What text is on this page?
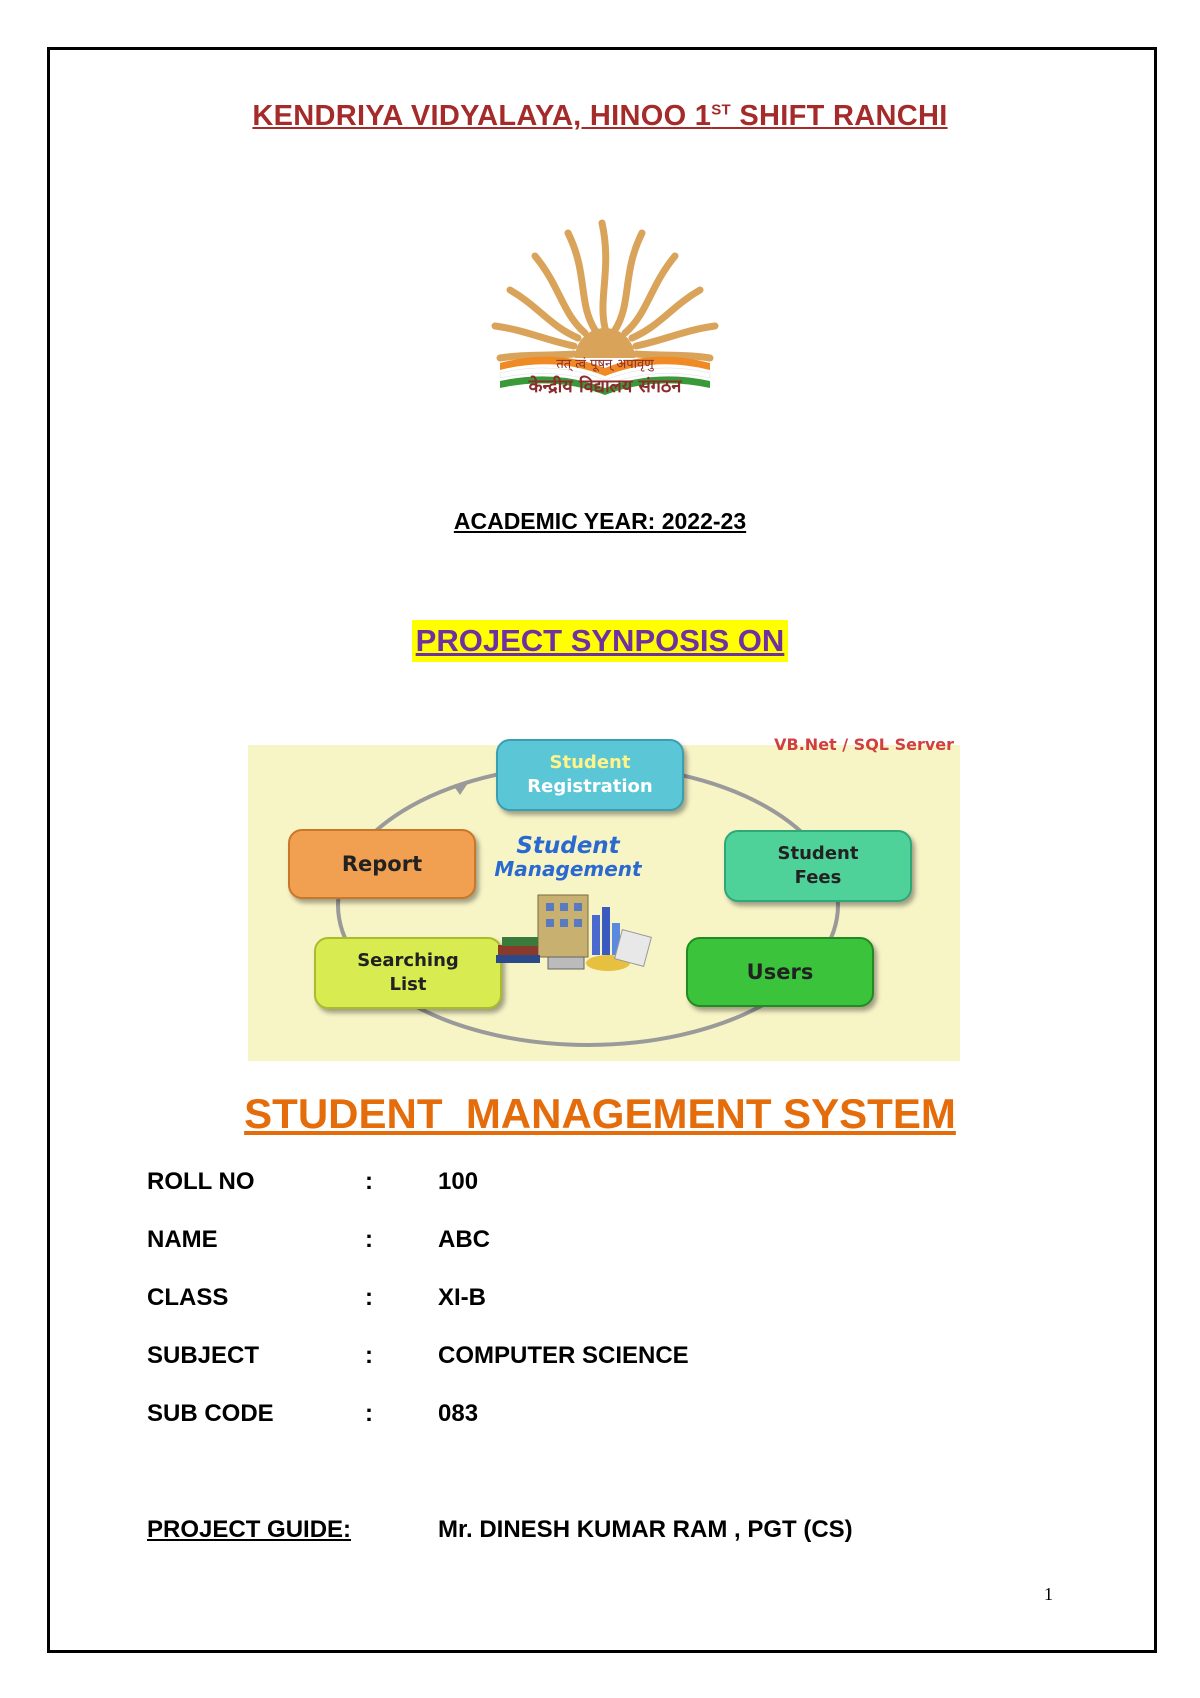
KENDRIYA VIDYALAYA, HINOO 1ST SHIFT RANCHI
तत् त्वं पूषन् अपावृणु
केन्द्रीय विद्यालय संगठन
ACADEMIC YEAR: 2022-23
PROJECT SYNPOSIS ON
VB.Net / SQL Server
Student
Registration
Student
Fees
Users
Searching
List
Report
Student
Management
STUDENT  MANAGEMENT SYSTEM
ROLL NO	:	100
NAME	:	ABC
CLASS	:	XI-B
SUBJECT	:	COMPUTER SCIENCE
SUB CODE	:	083
PROJECT GUIDE:	Mr. DINESH KUMAR RAM , PGT (CS)
1
